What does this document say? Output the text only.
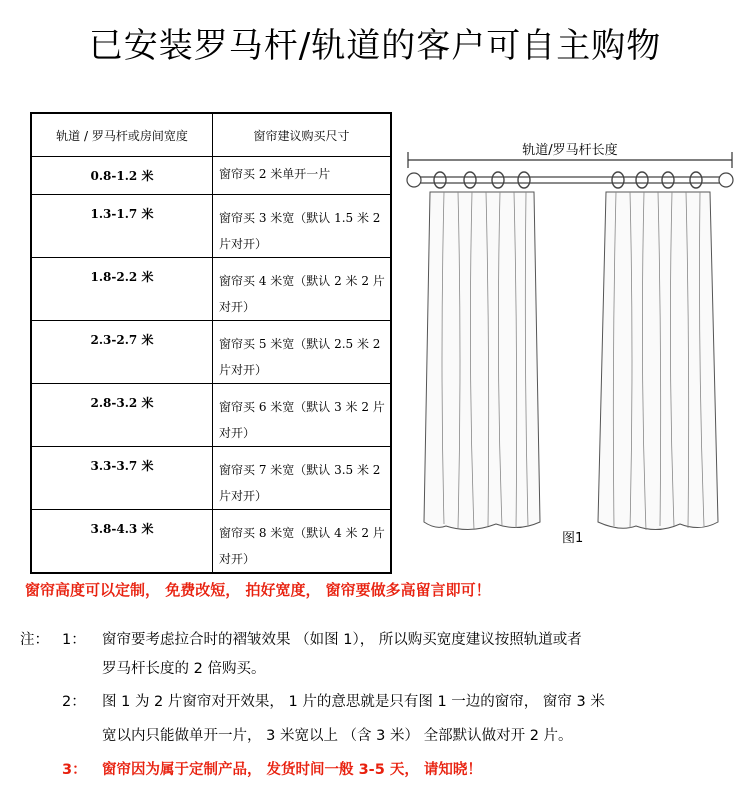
已安装罗马杆/轨道的客户可自主购物
轨道 / 罗马杆或房间宽度	窗帘建议购买尺寸
0.8-1.2 米	窗帘买 2 米单开一片
1.3-1.7 米	窗帘买 3 米宽（默认 1.5 米 2 片对开）
1.8-2.2 米	窗帘买 4 米宽（默认 2 米 2 片对开）
2.3-2.7 米	窗帘买 5 米宽（默认 2.5 米 2 片对开）
2.8-3.2 米	窗帘买 6 米宽（默认 3 米 2 片对开）
3.3-3.7 米	窗帘买 7 米宽（默认 3.5 米 2 片对开）
3.8-4.3 米	窗帘买 8 米宽（默认 4 米 2 片对开）
轨道/罗马杆长度
图1
窗帘高度可以定制， 免费改短， 拍好宽度， 窗帘要做多高留言即可！
注： 1： 窗帘要考虑拉合时的褶皱效果 （如图 1）， 所以购买宽度建议按照轨道或者
罗马杆长度的 2 倍购买。
2： 图 1 为 2 片窗帘对开效果， 1 片的意思就是只有图 1 一边的窗帘， 窗帘 3 米
宽以内只能做单开一片， 3 米宽以上 （含 3 米） 全部默认做对开 2 片。
3： 窗帘因为属于定制产品， 发货时间一般 3-5 天， 请知晓！
